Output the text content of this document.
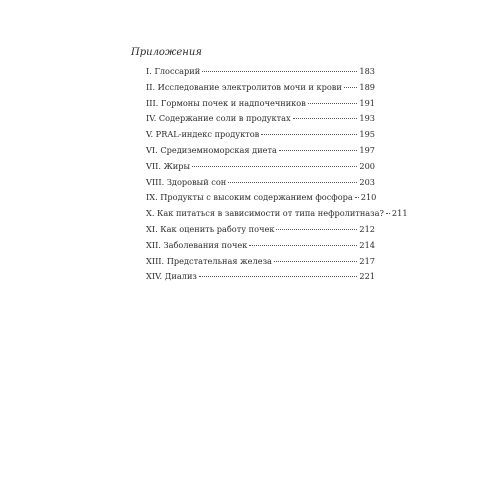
Приложения
I. Глоссарий	183
II. Исследование электролитов мочи и крови 189
III. Гормоны почек и надпочечников	191
IV. Содержание соли в продуктах	193
V. PRAL-индекс продуктов	195
VI. Средиземноморская диета	197
VII. Жиры	200
VIII. Здоровый сон	203
IX. Продукты с высоким содержанием фосфора 210
X. Как питаться в зависимости от типа нефролитназа? 211
XI. Как оценить работу почек	212
XII. Заболевания почек	214
XIII. Предстательная железа	217
XIV. Диализ	221
